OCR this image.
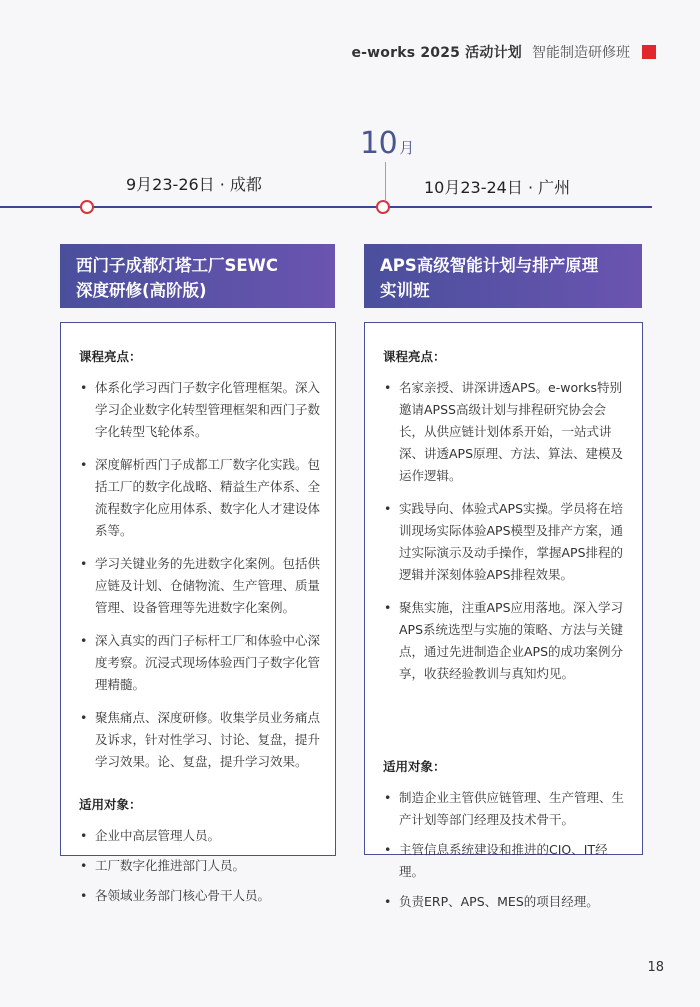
e-works 2025 活动计划 智能制造研修班
10 月
9月23-26日 · 成都	10月23-24日 · 广州
西门子成都灯塔工厂SEWC
深度研修(高阶版)
课程亮点：
• 体系化学习西门子数字化管理框架。深入学习企业数字化转型管理框架和西门子数字化转型飞轮体系。
• 深度解析西门子成都工厂数字化实践。包括工厂的数字化战略、精益生产体系、全流程数字化应用体系、数字化人才建设体系等。
• 学习关键业务的先进数字化案例。包括供应链及计划、仓储物流、生产管理、质量管理、设备管理等先进数字化案例。
• 深入真实的西门子标杆工厂和体验中心深度考察。沉浸式现场体验西门子数字化管理精髓。
• 聚焦痛点、深度研修。收集学员业务痛点及诉求，针对性学习、讨论、复盘，提升学习效果。论、复盘，提升学习效果。
适用对象：
• 企业中高层管理人员。
• 工厂数字化推进部门人员。
• 各领域业务部门核心骨干人员。
APS高级智能计划与排产原理
实训班
课程亮点：
• 名家亲授、讲深讲透APS。e-works特别邀请APSS高级计划与排程研究协会会长，从供应链计划体系开始，一站式讲深、讲透APS原理、方法、算法、建模及运作逻辑。
• 实践导向、体验式APS实操。学员将在培训现场实际体验APS模型及排产方案，通过实际演示及动手操作，掌握APS排程的逻辑并深刻体验APS排程效果。
• 聚焦实施，注重APS应用落地。深入学习APS系统选型与实施的策略、方法与关键点，通过先进制造企业APS的成功案例分享，收获经验教训与真知灼见。
适用对象：
• 制造企业主管供应链管理、生产管理、生产计划等部门经理及技术骨干。
• 主管信息系统建设和推进的CIO、IT经理。
• 负责ERP、APS、MES的项目经理。
18
